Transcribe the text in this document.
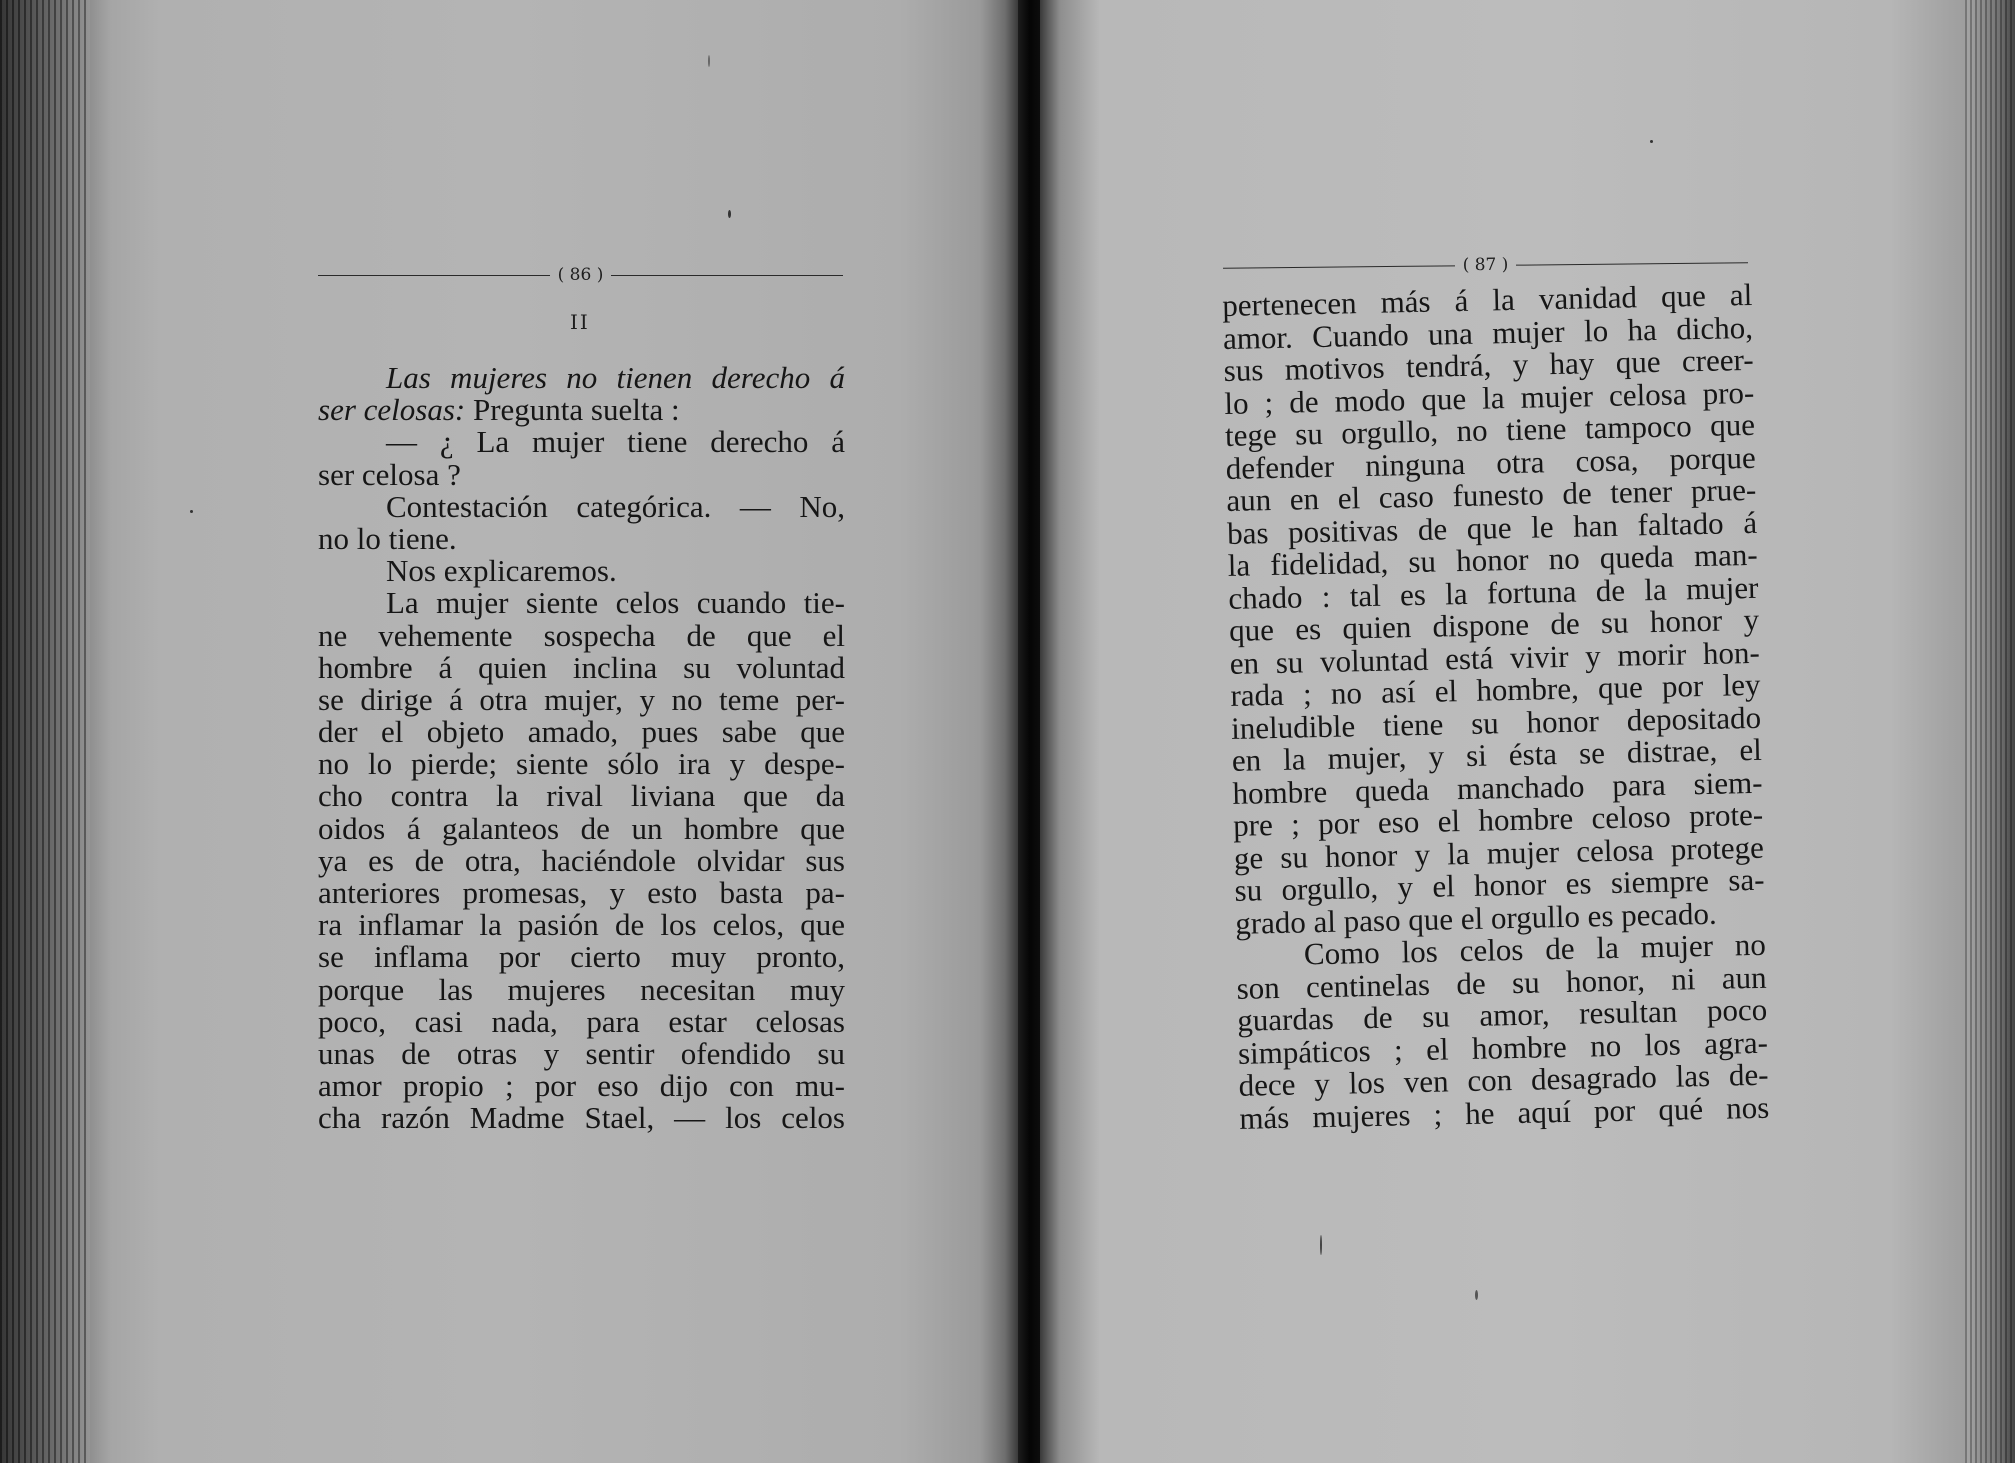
( 86 )
II
Las mujeres no tienen derecho á
ser celosas: Pregunta suelta :
— ¿ La mujer tiene derecho á
ser celosa ?
Contestación categórica. — No,
no lo tiene.
Nos explicaremos.
La mujer siente celos cuando tie-
ne vehemente sospecha de que el
hombre á quien inclina su voluntad
se dirige á otra mujer, y no teme per-
der el objeto amado, pues sabe que
no lo pierde; siente sólo ira y despe-
cho contra la rival liviana que da
oidos á galanteos de un hombre que
ya es de otra, haciéndole olvidar sus
anteriores promesas, y esto basta pa-
ra inflamar la pasión de los celos, que
se inflama por cierto muy pronto,
porque las mujeres necesitan muy
poco, casi nada, para estar celosas
unas de otras y sentir ofendido su
amor propio ; por eso dijo con mu-
cha razón Madme Stael, — los celos
( 87 )
pertenecen más á la vanidad que al
amor. Cuando una mujer lo ha dicho,
sus motivos tendrá, y hay que creer-
lo ; de modo que la mujer celosa pro-
tege su orgullo, no tiene tampoco que
defender ninguna otra cosa, porque
aun en el caso funesto de tener prue-
bas positivas de que le han faltado á
la fidelidad, su honor no queda man-
chado : tal es la fortuna de la mujer
que es quien dispone de su honor y
en su voluntad está vivir y morir hon-
rada ; no así el hombre, que por ley
ineludible tiene su honor depositado
en la mujer, y si ésta se distrae, el
hombre queda manchado para siem-
pre ; por eso el hombre celoso prote-
ge su honor y la mujer celosa protege
su orgullo, y el honor es siempre sa-
grado al paso que el orgullo es pecado.
Como los celos de la mujer no
son centinelas de su honor, ni aun
guardas de su amor, resultan poco
simpáticos ; el hombre no los agra-
dece y los ven con desagrado las de-
más mujeres ; he aquí por qué nos
